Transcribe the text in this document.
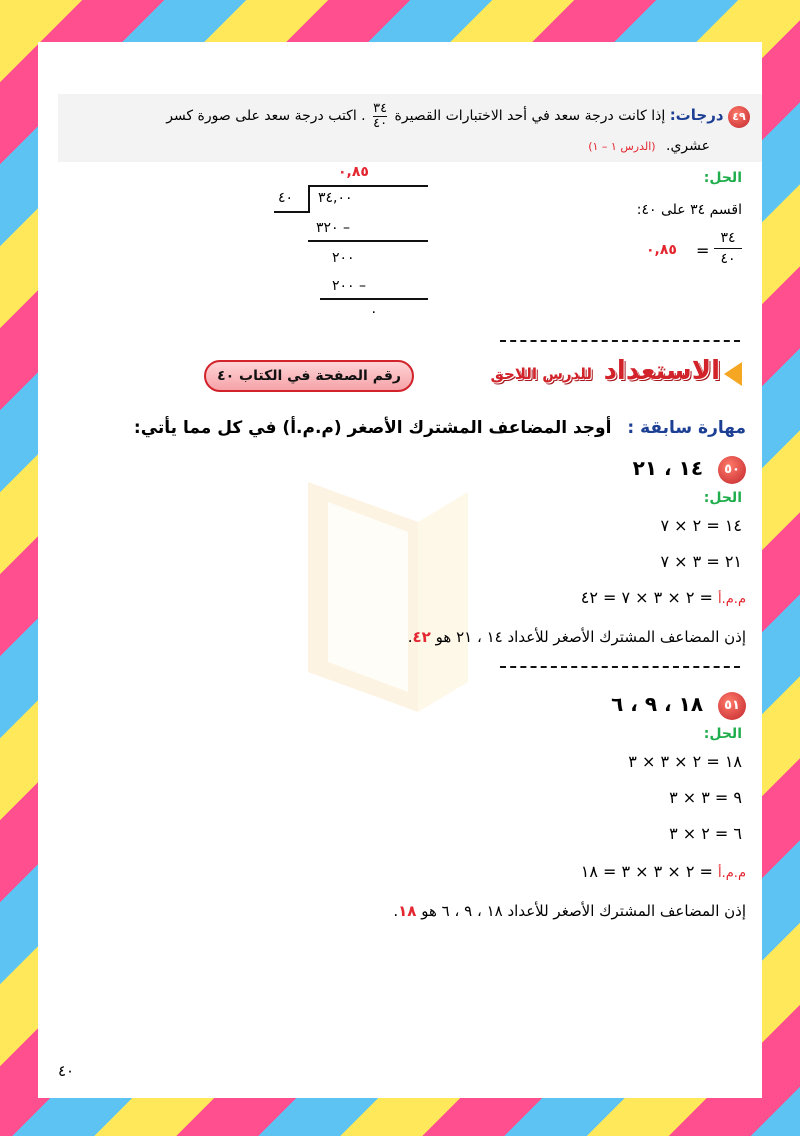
٤٩ درجات: إذا كانت درجة سعد في أحد الاختبارات القصيرة
٣٤
٤٠
. اكتب درجة سعد على صورة كسر
عشري. (الدرس ١ – ١)
الحل:
اقسم ٣٤ على ٤٠:
٠,٨٥ =
٣٤
٤٠
٠,٨٥
٤٠ ٣٤,٠٠
٣٢٠ –
٢٠٠
٢٠٠ –
٠
الاستعداد للدرس اللاحق
رقم الصفحة في الكتاب ٤٠
مهارة سابقة : أوجد المضاعف المشترك الأصغر (م.م.أ) في كل مما يأتي:
٥٠ ١٤ ، ٢١
الحل:
١٤ = ٢ × ٧
٢١ = ٣ × ٧
م.م.أ = ٢ × ٣ × ٧ = ٤٢
إذن المضاعف المشترك الأصغر للأعداد ١٤ ، ٢١ هو ٤٢.
٥١ ١٨ ، ٩ ، ٦
الحل:
١٨ = ٢ × ٣ × ٣
٩ = ٣ × ٣
٦ = ٢ × ٣
م.م.أ = ٢ × ٣ × ٣ = ١٨
إذن المضاعف المشترك الأصغر للأعداد ١٨ ، ٩ ، ٦ هو ١٨.
٤٠
